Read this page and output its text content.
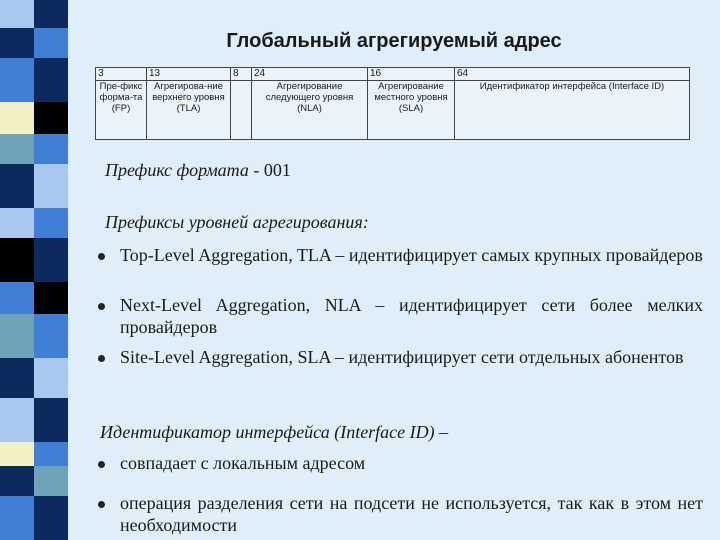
Глобальный агрегируемый адрес
3	13	8	24	16	64
Пре-фикс форма-та (FP)	Агрегирова-ние верхнего уровня (TLA)		Агрегирование следующего уровня (NLA)	Агрегирование местного уровня (SLA)	Идентификатор интерфейса (Interface ID)
Префикс формата - 001
Префиксы уровней агрегирования:
Top-Level Aggregation, TLA – идентифицирует самых крупных провайдеров
Next-Level Aggregation, NLA – идентифицирует сети более мелких провайдеров
Site-Level Aggregation, SLA – идентифицирует сети отдельных абонентов
Идентификатор интерфейса (Interface ID) –
совпадает с локальным адресом
операция разделения сети на подсети не используется, так как в этом нет необходимости
